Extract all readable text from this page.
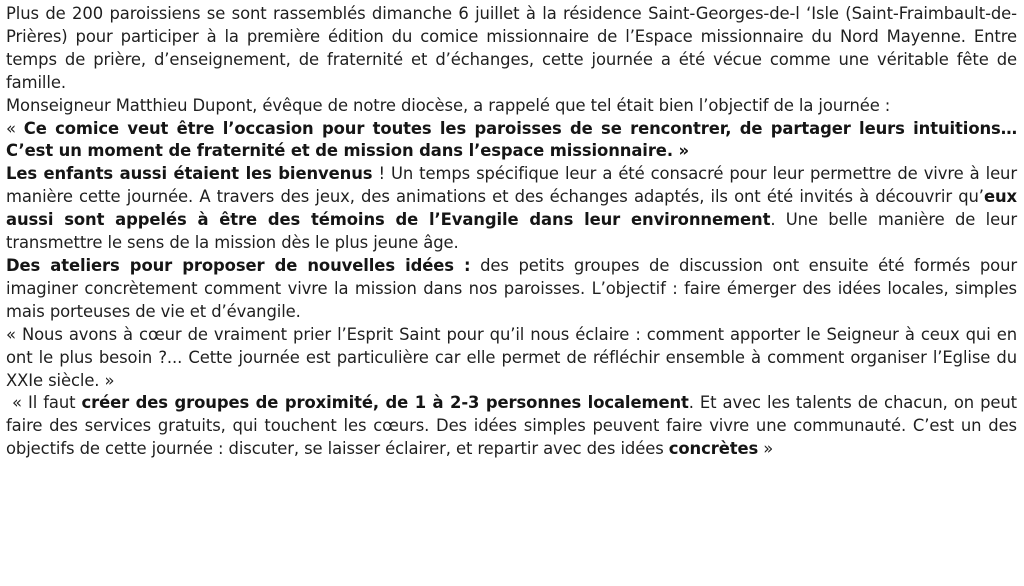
Plus de 200 paroissiens se sont rassemblés dimanche 6 juillet à la résidence Saint-Georges-de-l ‘Isle (Saint-Fraimbault-de-Prières) pour participer à la première édition du comice missionnaire de l’Espace missionnaire du Nord Mayenne. Entre temps de prière, d’enseignement, de fraternité et d’échanges, cette journée a été vécue comme une véritable fête de famille.

Monseigneur Matthieu Dupont, évêque de notre diocèse, a rappelé que tel était bien l’objectif de la journée :

« Ce comice veut être l’occasion pour toutes les paroisses de se rencontrer, de partager leurs intuitions… C’est un moment de fraternité et de mission dans l’espace missionnaire. »

Les enfants aussi étaient les bienvenus ! Un temps spécifique leur a été consacré pour leur permettre de vivre à leur manière cette journée. A travers des jeux, des animations et des échanges adaptés, ils ont été invités à découvrir qu’eux aussi sont appelés à être des témoins de l’Evangile dans leur environnement. Une belle manière de leur transmettre le sens de la mission dès le plus jeune âge.

Des ateliers pour proposer de nouvelles idées : des petits groupes de discussion ont ensuite été formés pour imaginer concrètement comment vivre la mission dans nos paroisses. L’objectif : faire émerger des idées locales, simples mais porteuses de vie et d’évangile.

« Nous avons à cœur de vraiment prier l’Esprit Saint pour qu’il nous éclaire : comment apporter le Seigneur à ceux qui en ont le plus besoin ?... Cette journée est particulière car elle permet de réfléchir ensemble à comment organiser l’Eglise du XXIe siècle. »

« Il faut créer des groupes de proximité, de 1 à 2-3 personnes localement. Et avec les talents de chacun, on peut faire des services gratuits, qui touchent les cœurs. Des idées simples peuvent faire vivre une communauté. C’est un des objectifs de cette journée : discuter, se laisser éclairer, et repartir avec des idées concrètes »
